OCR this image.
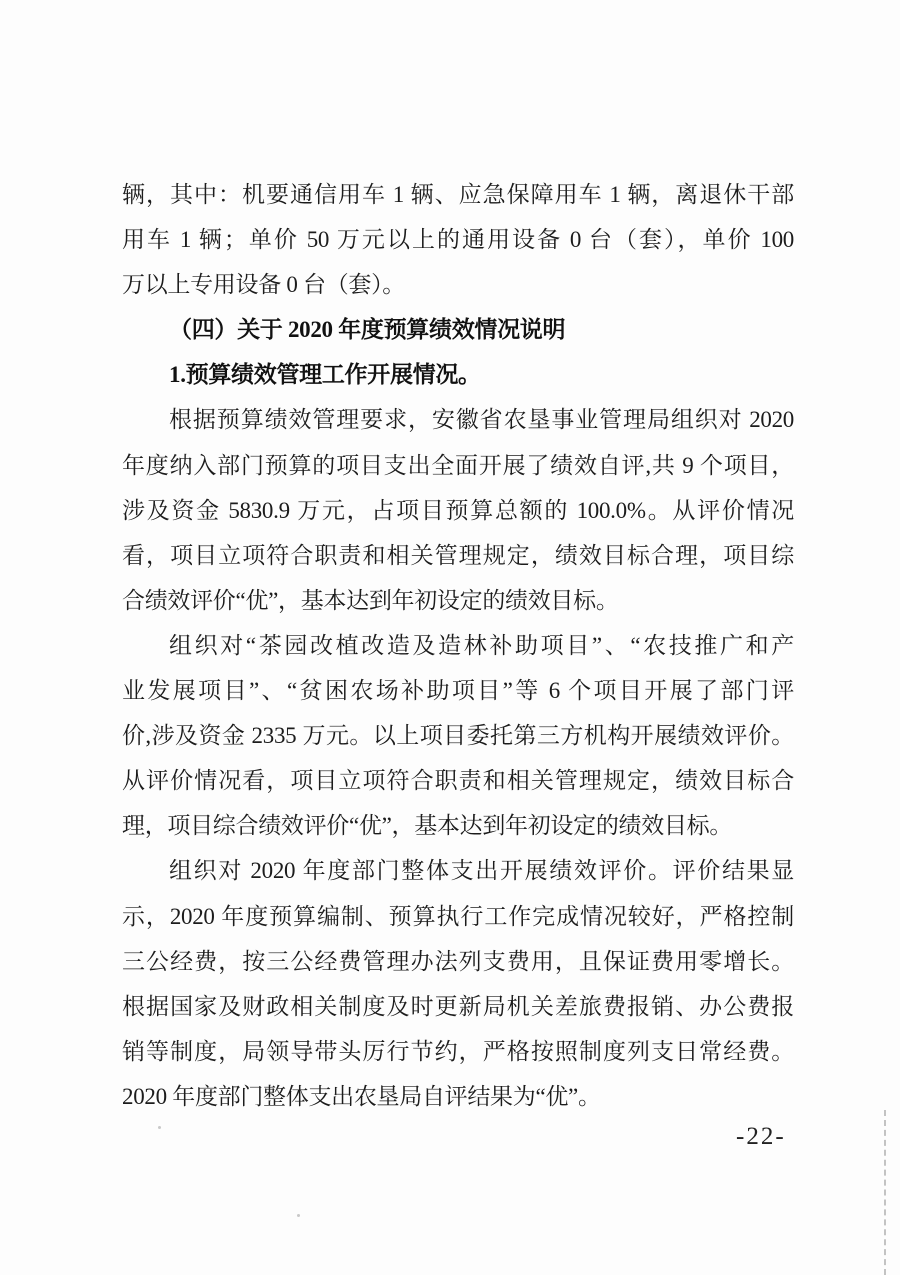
辆，其中：机要通信用车 1 辆、应急保障用车 1 辆，离退休干部
用车 1 辆；单价 50 万元以上的通用设备 0 台（套），单价 100
万以上专用设备 0 台（套）。
（四）关于 2020 年度预算绩效情况说明
1.预算绩效管理工作开展情况。
根据预算绩效管理要求，安徽省农垦事业管理局组织对 2020
年度纳入部门预算的项目支出全面开展了绩效自评,共 9 个项目，
涉及资金 5830.9 万元，占项目预算总额的 100.0%。从评价情况
看，项目立项符合职责和相关管理规定，绩效目标合理，项目综
合绩效评价“优”，基本达到年初设定的绩效目标。
组织对“茶园改植改造及造林补助项目”、“农技推广和产
业发展项目”、“贫困农场补助项目”等 6 个项目开展了部门评
价,涉及资金 2335 万元。以上项目委托第三方机构开展绩效评价。
从评价情况看，项目立项符合职责和相关管理规定，绩效目标合
理，项目综合绩效评价“优”，基本达到年初设定的绩效目标。
组织对 2020 年度部门整体支出开展绩效评价。评价结果显
示，2020 年度预算编制、预算执行工作完成情况较好，严格控制
三公经费，按三公经费管理办法列支费用，且保证费用零增长。
根据国家及财政相关制度及时更新局机关差旅费报销、办公费报
销等制度，局领导带头厉行节约，严格按照制度列支日常经费。
2020 年度部门整体支出农垦局自评结果为“优”。
-22-
